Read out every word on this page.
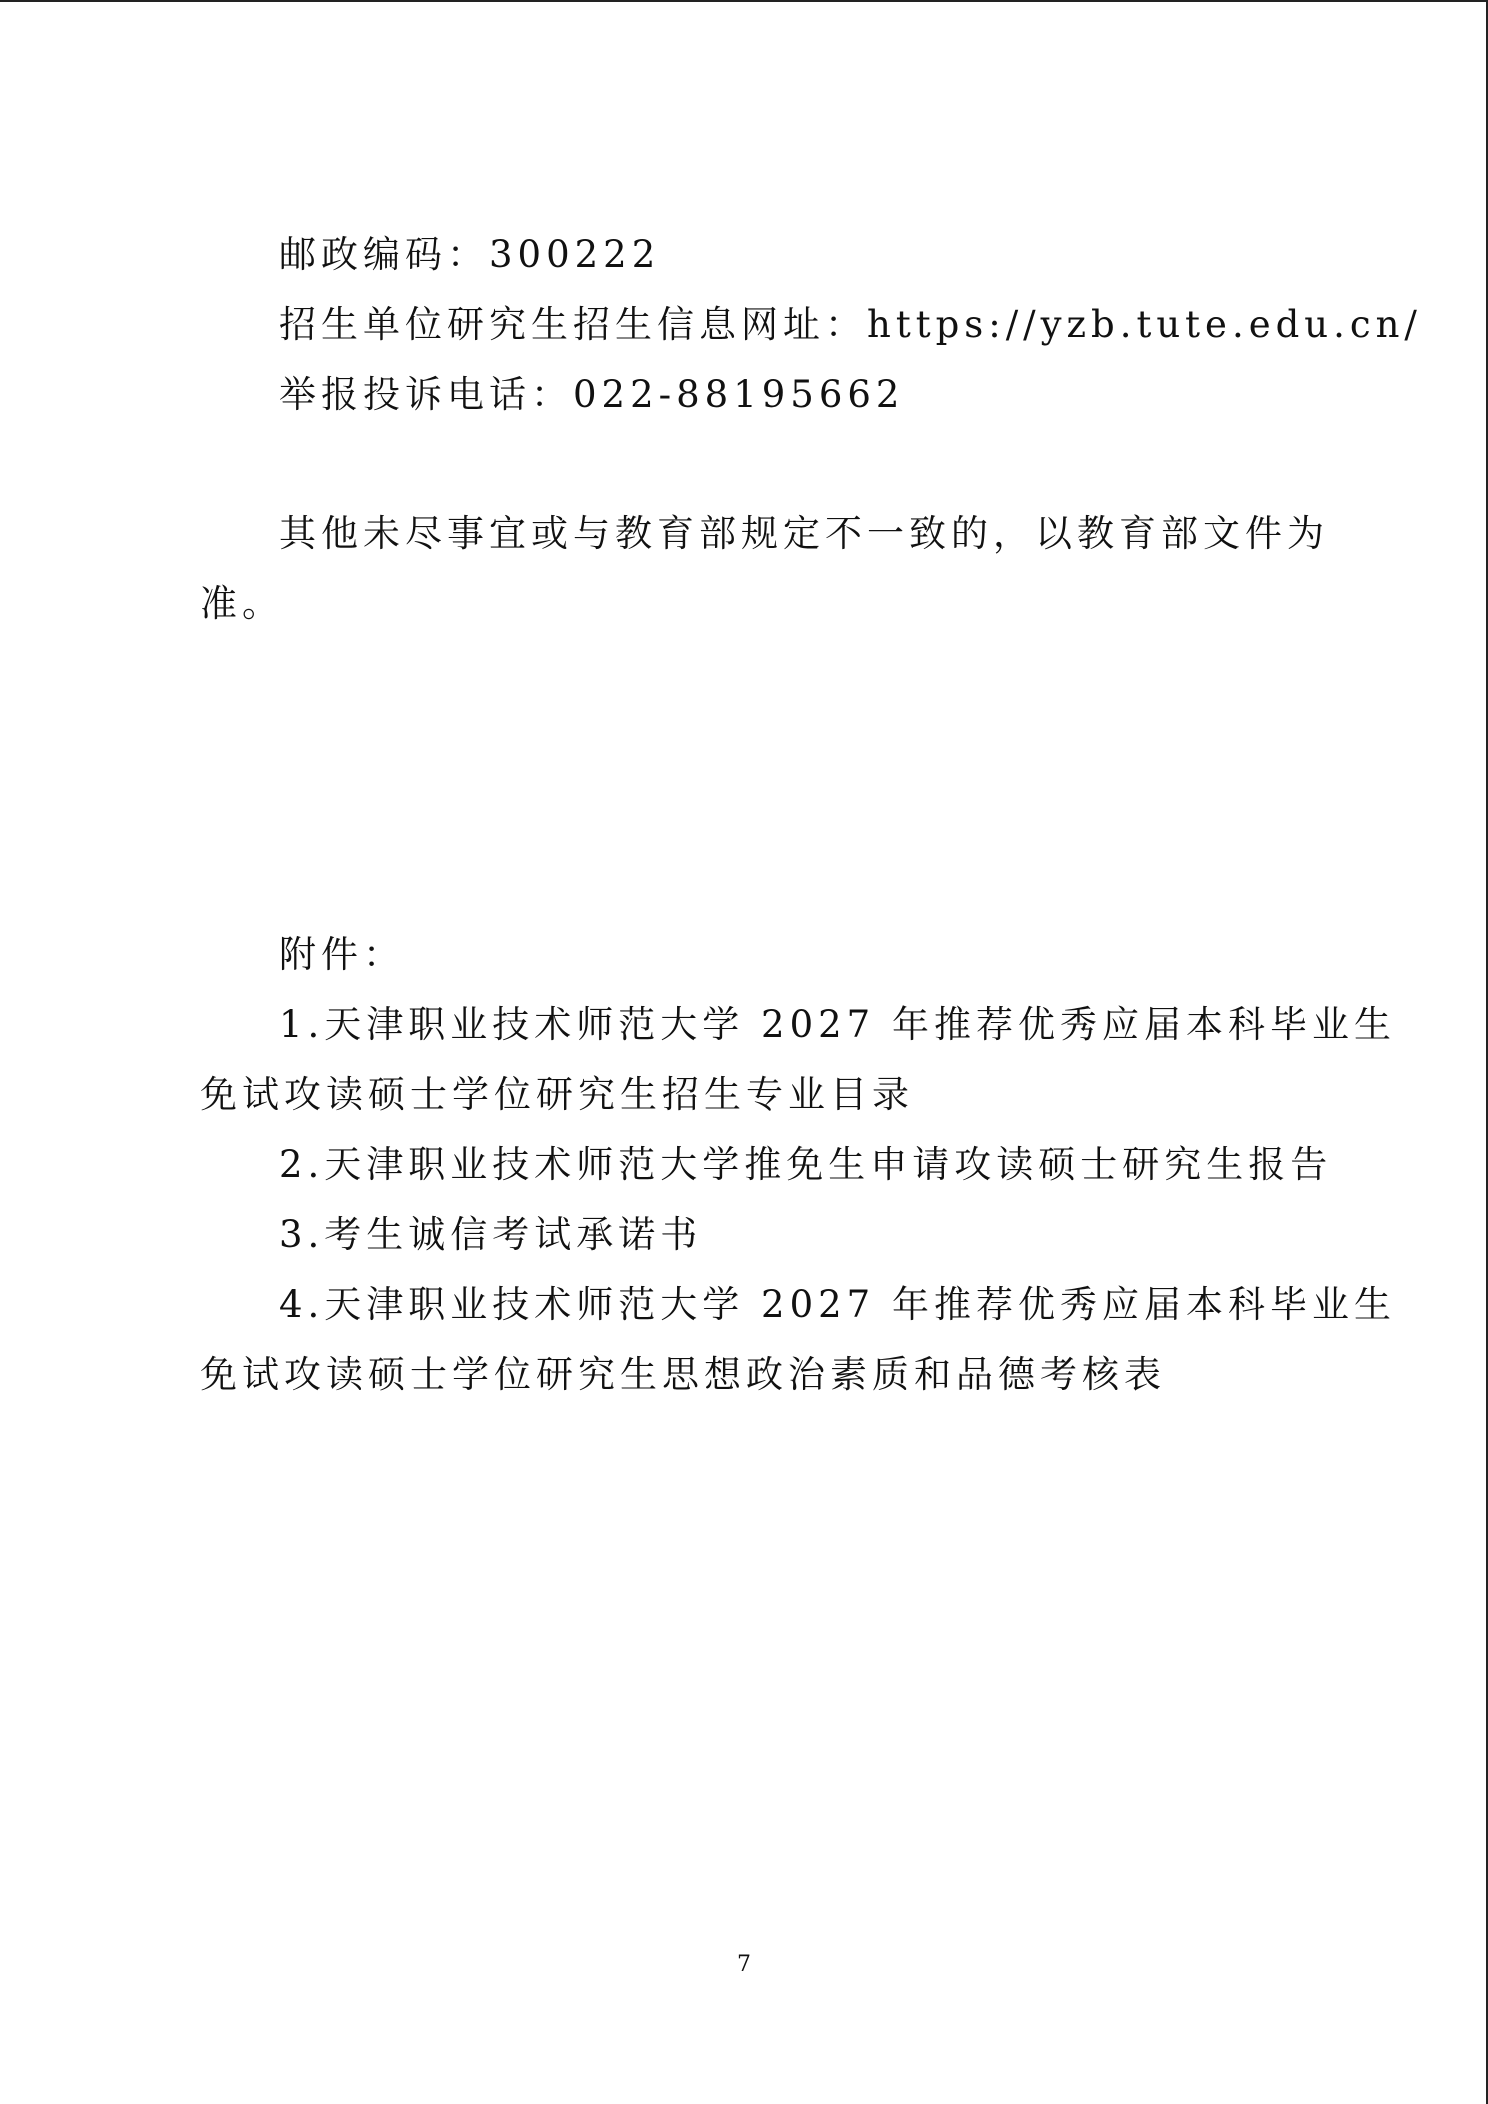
邮政编码：300222

招生单位研究生招生信息网址：https://yzb.tute.edu.cn/

举报投诉电话：022-88195662

其他未尽事宜或与教育部规定不一致的，以教育部文件为

准。

附件：

1.天津职业技术师范大学 2027 年推荐优秀应届本科毕业生

免试攻读硕士学位研究生招生专业目录

2.天津职业技术师范大学推免生申请攻读硕士研究生报告

3.考生诚信考试承诺书

4.天津职业技术师范大学 2027 年推荐优秀应届本科毕业生

免试攻读硕士学位研究生思想政治素质和品德考核表

7
